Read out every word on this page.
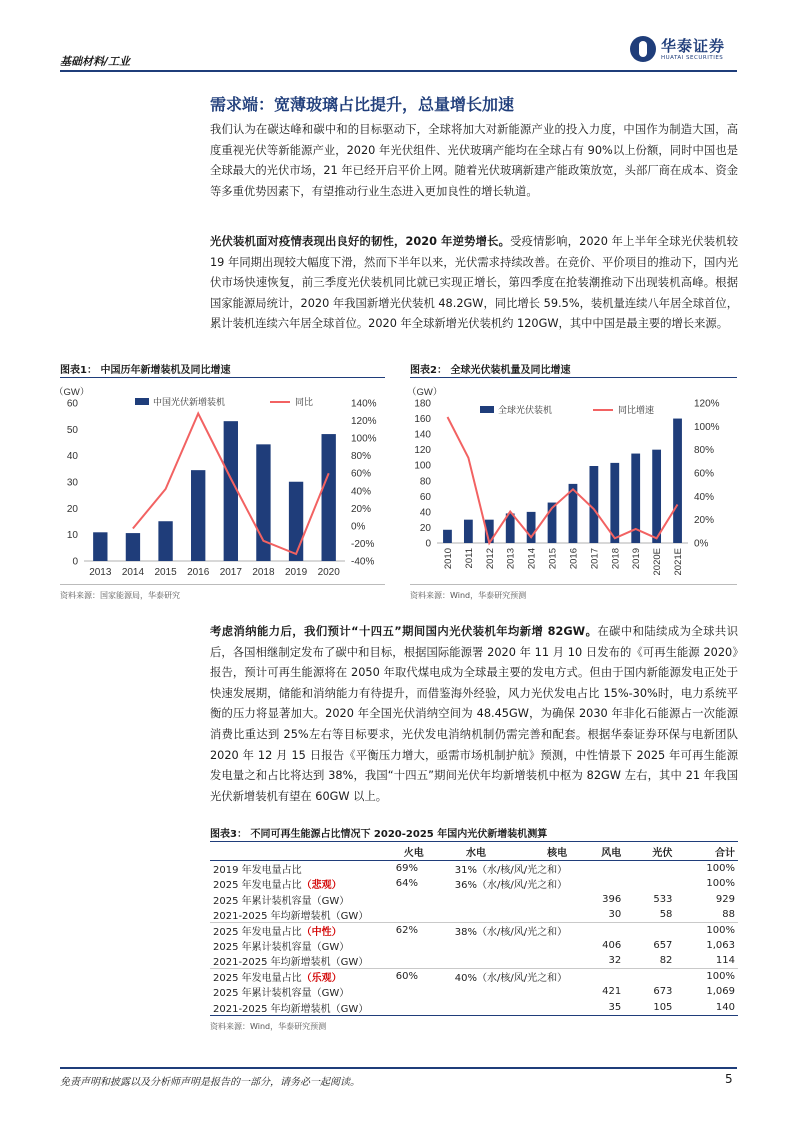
基础材料/工业
华泰证券
HUATAI SECURITIES
需求端：宽薄玻璃占比提升，总量增长加速
我们认为在碳达峰和碳中和的目标驱动下，全球将加大对新能源产业的投入力度，中国作为制造大国，高度重视光伏等新能源产业，2020 年光伏组件、光伏玻璃产能均在全球占有 90%以上份额，同时中国也是全球最大的光伏市场，21 年已经开启平价上网。随着光伏玻璃新建产能政策放宽，头部厂商在成本、资金等多重优势因素下，有望推动行业生态进入更加良性的增长轨道。
光伏装机面对疫情表现出良好的韧性，2020 年逆势增长。受疫情影响，2020 年上半年全球光伏装机较 19 年同期出现较大幅度下滑，然而下半年以来，光伏需求持续改善。在竞价、平价项目的推动下，国内光伏市场快速恢复，前三季度光伏装机同比就已实现正增长，第四季度在抢装潮推动下出现装机高峰。根据国家能源局统计，2020 年我国新增光伏装机 48.2GW，同比增长 59.5%，装机量连续八年居全球首位，累计装机连续六年居全球首位。2020 年全球新增光伏装机约 120GW，其中中国是最主要的增长来源。
图表1： 中国历年新增装机及同比增速
（GW）
0
10
20
30
40
50
60
-40%
-20%
0%
20%
40%
60%
80%
100%
120%
140%
2013 2014 2015 2016 2017 2018 2019 2020
中国光伏新增装机	同比
资料来源：国家能源局，华泰研究
图表2： 全球光伏装机量及同比增速
（GW）
0
20
40
60
80
100
120
140
160
180
0%
20%
40%
60%
80%
100%
120%
2010 2011 2012 2013 2014 2015 2016 2017 2018 2019 2020E 2021E
全球光伏装机	同比增速
资料来源：Wind，华泰研究预测
考虑消纳能力后，我们预计“十四五”期间国内光伏装机年均新增 82GW。在碳中和陆续成为全球共识后，各国相继制定发布了碳中和目标，根据国际能源署 2020 年 11 月 10 日发布的《可再生能源 2020》报告，预计可再生能源将在 2050 年取代煤电成为全球最主要的发电方式。但由于国内新能源发电正处于快速发展期，储能和消纳能力有待提升，而借鉴海外经验，风力光伏发电占比 15%-30%时，电力系统平衡的压力将显著加大。2020 年全国光伏消纳空间为 48.45GW，为确保 2030 年非化石能源占一次能源消费比重达到 25%左右等目标要求，光伏发电消纳机制仍需完善和配套。根据华泰证券环保与电新团队 2020 年 12 月 15 日报告《平衡压力增大，亟需市场机制护航》预测，中性情景下 2025 年可再生能源发电量之和占比将达到 38%，我国“十四五”期间光伏年均新增装机中枢为 82GW 左右，其中 21 年我国光伏新增装机有望在 60GW 以上。
图表3： 不同可再生能源占比情况下 2020-2025 年国内光伏新增装机测算
	火电	水电	核电	风电	光伏	合计
2019 年发电量占比	69%	31%（水/核/风/光之和）				100%
2025 年发电量占比（悲观）	64%	36%（水/核/风/光之和）				100%
2025 年累计装机容量（GW）				396	533	929
2021-2025 年均新增装机（GW）				30	58	88
2025 年发电量占比（中性）	62%	38%（水/核/风/光之和）				100%
2025 年累计装机容量（GW）				406	657	1,063
2021-2025 年均新增装机（GW）				32	82	114
2025 年发电量占比（乐观）	60%	40%（水/核/风/光之和）				100%
2025 年累计装机容量（GW）				421	673	1,069
2021-2025 年均新增装机（GW）				35	105	140
资料来源：Wind，华泰研究预测
免责声明和披露以及分析师声明是报告的一部分，请务必一起阅读。	5
